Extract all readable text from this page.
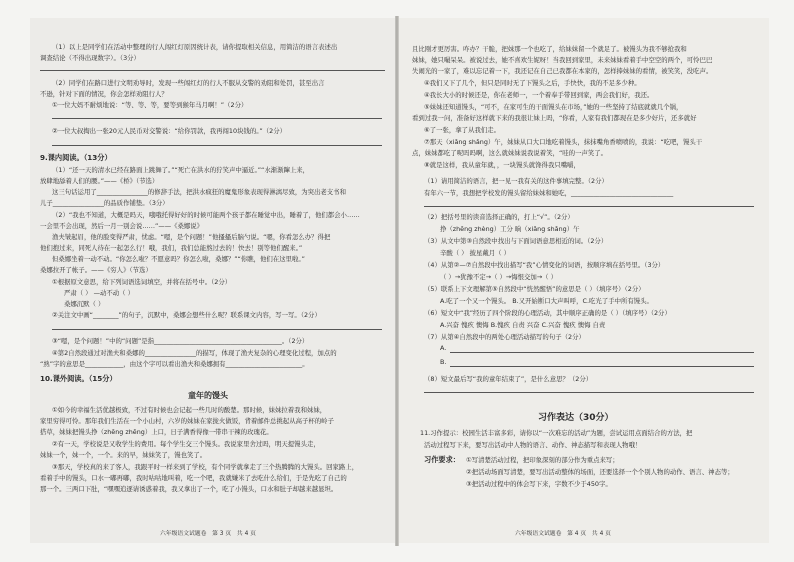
（1）以上是同学们在活动中整理的行人闯红灯原因统计表，请你提取相关信息，用简洁的语言表述出
调查结论（不得出现数字）。（3分）
（2）同学们在路口进行文明劝导时，发现一些闯红灯的行人不服从交警的劝阻和处罚，甚至出言
不逊，针对下面的情况，你会怎样劝阻行人？
①一位大妈不耐烦地说：“等、等、等，要等到猴年马月啊！”（2分）
②一位大叔掏出一张20元人民币对交警说：“给你罚款，我再闯10块钱的。”（2分）
9.课内阅读。（13分）
（1）“还一天的清水已经在路面上跳舞了。”“死亡在洪水的狞笑声中逼近。”“水渐渐蹿上来，
放肆地舔着人们的腰。”——《桥》（节选）
这三句话运用了________________的修辞手法，把洪水疯狂的魔鬼形象表现得淋漓尽致，为突出老支书和
儿子________________的品质作铺垫。（3分）
（2）“我也不知道，大概是吗天，哦哦托得好好的时候可能两个孩子都在睡觉中出，睡着了，他们都会小……
一会里不会出现，然后一月一别会说……”——《桑娜说》
渔夫皱起眉，他的脸变得严肃，忧虑。“嗯，是个问题！”他搔搔后脑勺说。“嗯，你看怎么办？得把
他们抱过来，同死人待在一起怎么行！哦，我们，我们总能熬过去的！快去！别等他们醒来。”
但桑娜坐着一动不动。“你怎么啦？不愿意吗？你怎么啦，桑娜？”“你瞧，他们在这里啦。”
桑娜拉开了帐子。——《穷人》（节选）
①根据原文意思，给下列词语选词填空，并将在括号中。（2分）
严肃（ ） —动不动（ ）
桑娜沉默（ ）
②关注文中画“________”的句子，沉默中，桑娜会想些什么呢？联系课文内容，写一写。（2分）
③“嗯，是个问题！”中的“问题”是指________________________________________。（2分）
④第2自然段通过对渔夫和桑娜的________________的描写，体现了渔夫复杂的心理变化过程，加点的
“熟”字的意思是____________，由这个字可以看出渔夫和桑娜拥有________________________。
10.课外阅读。（15分）
童年的馒头
①如今的幸福生活优越极致，不过有时候也会记起一些几时的酸楚。那时候，妹妹拉着我和妹妹，
家里穷得可怜。那年我们生活在一个小山村，六岁的妹妹在家拢火做饭，背着邮件总挑起从高子杯的岭子
搭草，妹妹把馒头挣（zhēng zhēng）上口，日子满香得像一带串干辣的玫瑰花。
②有一天，学校说是又收学生的费用。每个学生交三个馒头。我说家里舍过吗，明天提馒头走，
妹妹一个，妹一个，一个。来的早，妹妹笑了，馒也笑了。
③那天，学校真的来了客人，我跟平时一样来到了学校，有个同学就拿走了三个热腾腾的大馒头。回家路上，
看着手中的馒头，口水一嘟再嘟，我时咕咕地叫着，吃一个吧，我就嫌米了去吃什么给们，于是先吃了自己的
那一个。三两口下肚，“嘿嘿追逐请诱惑着我，我又拿出了一个，吃了小馒头，口水和肚子却越来越显坦。
六年级语文试题卷　第 3 页　共 4 页
且比刚才更厉害。咋办？干脆，把妹那一个也吃了，给妹妹留一个就足了。被馒头为我不够抢我和
妹妹，她只嘬呆呆。被说过去，她不喜欢生妮呀！当我回到家里，未来妹妹看着手中空空的两个，可怜巴巴
失闹光的一家了，难以忘记着一下，我还记在自己已我都在本家的，怎样捧妹妹的看情，被笑笑，没吃声。
④我们又下了几个，但只是同时无了下馒头之后，手快快，我的不足多少种。
④我长大小的时候还是，你在老师一，一个着奉手带回到家，两会我们好，我还。
⑤妹妹还知道馒头，“可不，在家可生的干面馒头在市场，”她的一些坚持了结底就就几个锅，
看到过我一问，准备好这样就下来的我很让妹上吗，“你看，人家有我们都现在是多少好片，还多就好
⑥了一张，拿了从我们走。
⑦那天（xiǎng shǎng）午，妹妹从口大口地吃着馒头，抹抹嘴角香喷喷的，我说：“吃吧，馒头干
点，妹妹都吃了呢吗吗啊，这么就妹妹说我说着笑，“哇的一声笑了。
⑧就是这样，我从童年就，，一块馒头就馋得我只嘴嚼，
（1）请用简洁的语言，把一见一我有关的这件事填完整。（2分）
有年六一节，我想把学校发的馒头留给妹妹和她吃，________________________________
（2）把括号里的读音选择正确的，打上“√”。（2分）
挣（zhēng zhèng）工分 晌（xiǎng shǎng）午
（3）从文中第③自然段中找出与下面词语意思相近的词。（2分）
辛酸（ ） 披星戴月（ ）
（4）从第②—⑦自然段中找出描写“我”心情变化的词语，按顺序填在括号里。（3分）
（ ）→犹豫不定→（ ）→悔恨交加→（ ）
（5）联系上下文理解第⑤自然段中“恍然醒悟”的意思是（ ）（填序号）（2分）
A.吃了一个又一个馒头。 B.又开始断口大声叫呼，C.吃光了手中所有馒头。
（6）短文中“我”经历了四个阶段的心理活动，其中顺序正确的是（ ）（填序号）（2分）
A.兴奋 愧疚 懊悔 B.愧疚 自责 兴奋 C.兴奋 愧疚 懊悔 自责
（7）从第④自然段中的两处心理活动描写的句子（2分）
A.
B.
（8）短文最后写“我的童年结束了”，是什么意思？（2分）
习作表达（30分）
11.习作提示：校园生活丰富多彩，请你以“一次难忘的活动”为题，尝试运用点面结合的方法，把
活动过程写下来，要写出活动中人物的语言、动作、神态描写和表现人物哦！
习作要求： ①写清楚活动过程，把印象深刻的部分作为重点来写；
②把活动场面写清楚，要写出活动整体的场面，还要选择一个个别人物的动作、语言、神态等；
③把活动过程中的体会写下来，字数不少于450字。
六年级语文试题卷　第 4 页　共 4 页
